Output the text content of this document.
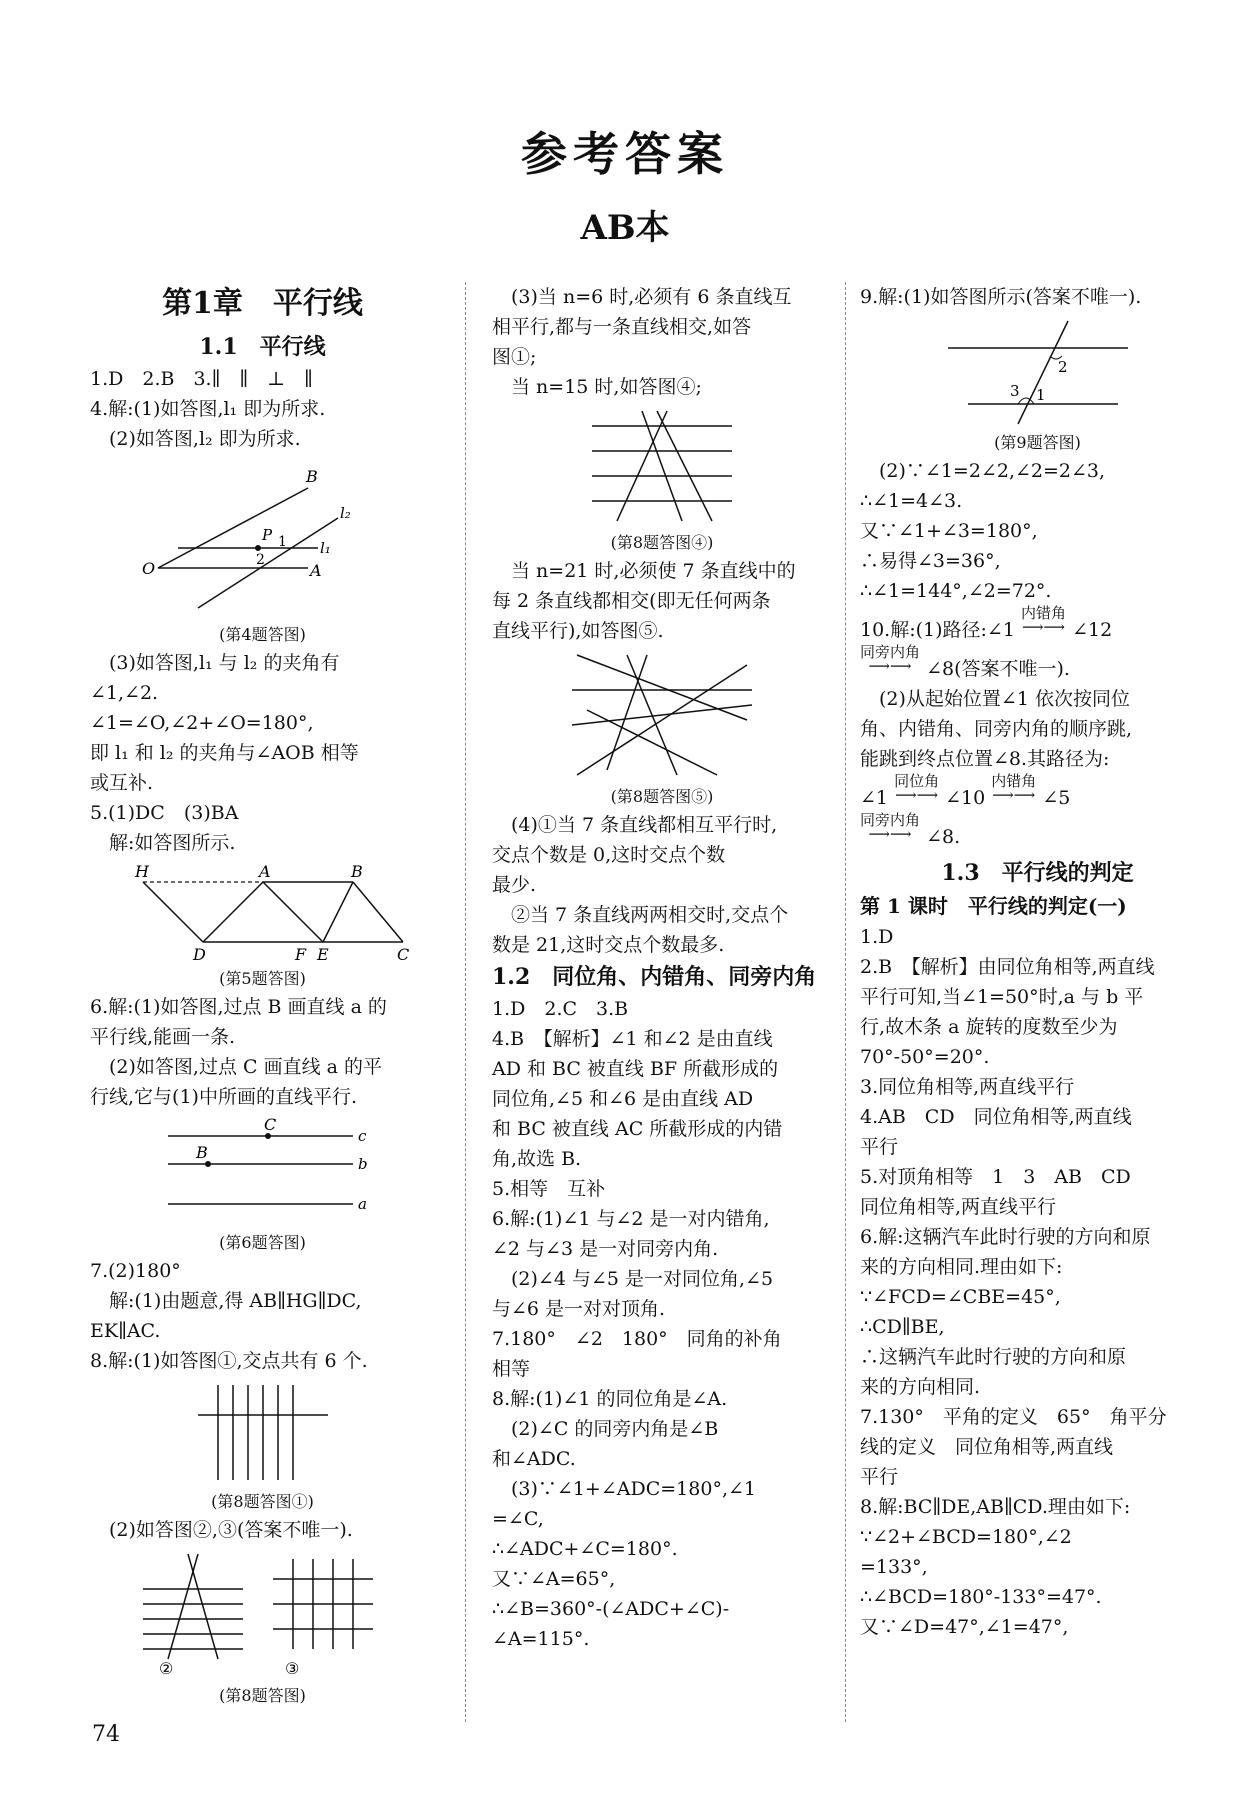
参考答案
AB本
第1章　平行线
1.1　平行线
1.D　2.B　3.∥　∥　⊥　∥
4.解:(1)如答图,l₁ 即为所求.
　(2)如答图,l₂ 即为所求.
B
P
l₂
l₁
1
2
O	A
(第4题答图)
　(3)如答图,l₁ 与 l₂ 的夹角有
∠1,∠2.
∠1=∠O,∠2+∠O=180°,
即 l₁ 和 l₂ 的夹角与∠AOB 相等
或互补.
5.(1)DC　(3)BA
　解:如答图所示.
H	A	B
D	F E	C
(第5题答图)
6.解:(1)如答图,过点 B 画直线 a 的
平行线,能画一条.
　(2)如答图,过点 C 画直线 a 的平
行线,它与(1)中所画的直线平行.
C
c
B
b
a
(第6题答图)
7.(2)180°
　解:(1)由题意,得 AB∥HG∥DC,
EK∥AC.
8.解:(1)如答图①,交点共有 6 个.
(第8题答图①)
　(2)如答图②,③(答案不唯一).
②	③
(第8题答图)
　(3)当 n=6 时,必须有 6 条直线互
相平行,都与一条直线相交,如答
图①;
　当 n=15 时,如答图④;
(第8题答图④)
　当 n=21 时,必须使 7 条直线中的
每 2 条直线都相交(即无任何两条
直线平行),如答图⑤.
(第8题答图⑤)
　(4)①当 7 条直线都相互平行时,
交点个数是 0,这时交点个数
最少.
　②当 7 条直线两两相交时,交点个
数是 21,这时交点个数最多.
1.2　同位角、内错角、同旁内角
1.D　2.C　3.B
4.B　【解析】∠1 和∠2 是由直线
AD 和 BC 被直线 BF 所截形成的
同位角,∠5 和∠6 是由直线 AD
和 BC 被直线 AC 所截形成的内错
角,故选 B.
5.相等　互补
6.解:(1)∠1 与∠2 是一对内错角,
∠2 与∠3 是一对同旁内角.
　(2)∠4 与∠5 是一对同位角,∠5
与∠6 是一对对顶角.
7.180°　∠2　180°　同角的补角
相等
8.解:(1)∠1 的同位角是∠A.
　(2)∠C 的同旁内角是∠B
和∠ADC.
　(3)∵∠1+∠ADC=180°,∠1
=∠C,
∴∠ADC+∠C=180°.
又∵∠A=65°,
∴∠B=360°-(∠ADC+∠C)-
∠A=115°.
9.解:(1)如答图所示(答案不唯一).
2
3 1
(第9题答图)
　(2)∵∠1=2∠2,∠2=2∠3,
∴∠1=4∠3.
又∵∠1+∠3=180°,
∴易得∠3=36°,
∴∠1=144°,∠2=72°.
10.解:(1)路径:∠1 内错角
⟶⟶ ∠12
同旁内角
⟶⟶ ∠8(答案不唯一).
　(2)从起始位置∠1 依次按同位
角、内错角、同旁内角的顺序跳,
能跳到终点位置∠8.其路径为:
∠1 同位角
⟶⟶ ∠10 内错角
⟶⟶ ∠5
同旁内角
⟶⟶ ∠8.
1.3　平行线的判定
第 1 课时　平行线的判定(一)
1.D
2.B　【解析】由同位角相等,两直线
平行可知,当∠1=50°时,a 与 b 平
行,故木条 a 旋转的度数至少为
70°-50°=20°.
3.同位角相等,两直线平行
4.AB　CD　同位角相等,两直线
平行
5.对顶角相等　1　3　AB　CD
同位角相等,两直线平行
6.解:这辆汽车此时行驶的方向和原
来的方向相同.理由如下:
∵∠FCD=∠CBE=45°,
∴CD∥BE,
∴这辆汽车此时行驶的方向和原
来的方向相同.
7.130°　平角的定义　65°　角平分
线的定义　同位角相等,两直线
平行
8.解:BC∥DE,AB∥CD.理由如下:
∵∠2+∠BCD=180°,∠2
=133°,
∴∠BCD=180°-133°=47°.
又∵∠D=47°,∠1=47°,
74
